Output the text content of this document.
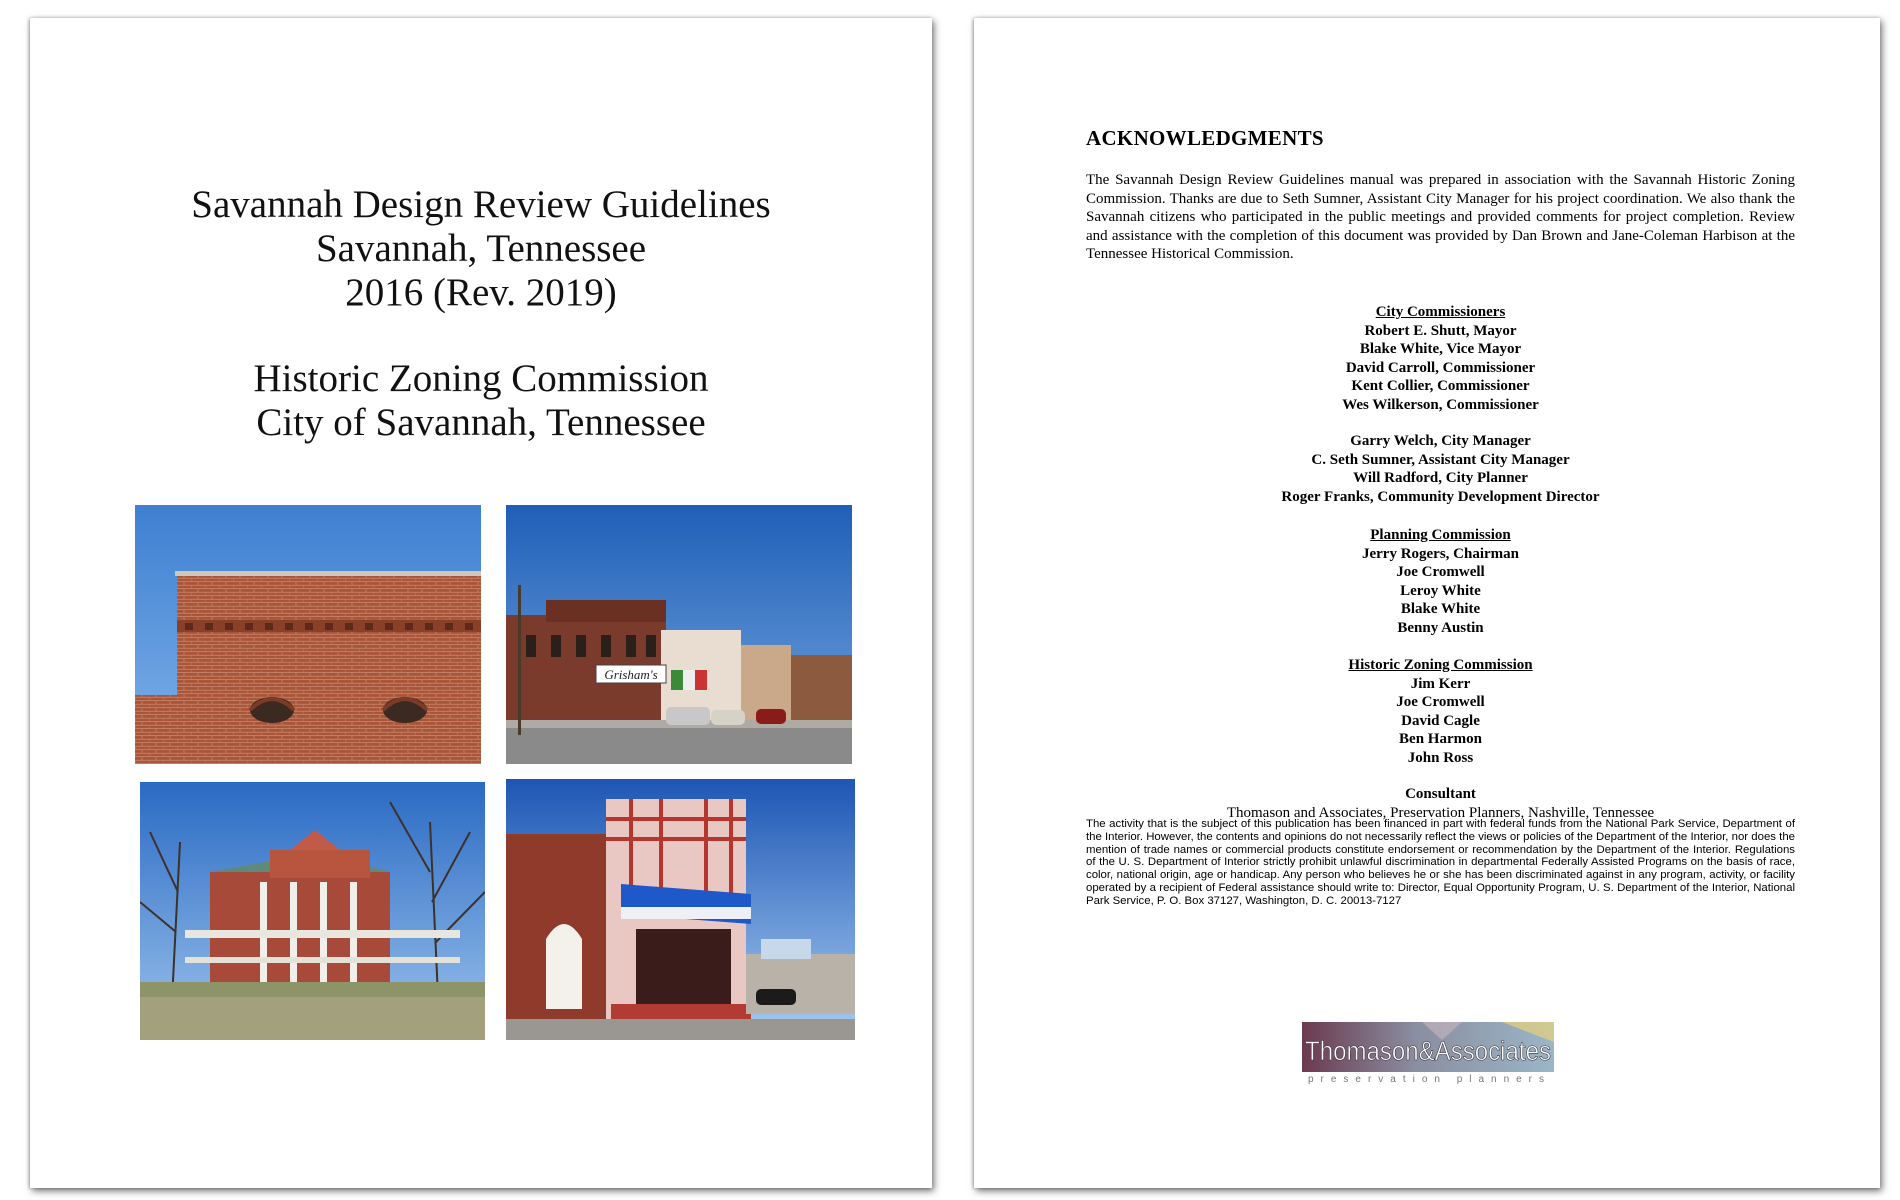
Savannah Design Review Guidelines
Savannah, Tennessee
2016 (Rev. 2019)
Historic Zoning Commission
City of Savannah, Tennessee
Grisham's
ACKNOWLEDGMENTS
The Savannah Design Review Guidelines manual was prepared in association with the Savannah Historic Zoning Commission. Thanks are due to Seth Sumner, Assistant City Manager for his project coordination. We also thank the Savannah citizens who participated in the public meetings and provided comments for project completion. Review and assistance with the completion of this document was provided by Dan Brown and Jane-Coleman Harbison at the Tennessee Historical Commission.
City Commissioners
Robert E. Shutt, Mayor
Blake White, Vice Mayor
David Carroll, Commissioner
Kent Collier, Commissioner
Wes Wilkerson, Commissioner
Garry Welch, City Manager
C. Seth Sumner, Assistant City Manager
Will Radford, City Planner
Roger Franks, Community Development Director
Planning Commission
Jerry Rogers, Chairman
Joe Cromwell
Leroy White
Blake White
Benny Austin
Historic Zoning Commission
Jim Kerr
Joe Cromwell
David Cagle
Ben Harmon
John Ross
Consultant
Thomason and Associates, Preservation Planners, Nashville, Tennessee
The activity that is the subject of this publication has been financed in part with federal funds from the National Park Service, Department of the Interior. However, the contents and opinions do not necessarily reflect the views or policies of the Department of the Interior, nor does the mention of trade names or commercial products constitute endorsement or recommendation by the Department of the Interior. Regulations of the U. S. Department of Interior strictly prohibit unlawful discrimination in departmental Federally Assisted Programs on the basis of race, color, national origin, age or handicap. Any person who believes he or she has been discriminated against in any program, activity, or facility operated by a recipient of Federal assistance should write to: Director, Equal Opportunity Program, U. S. Department of the Interior, National Park Service, P. O. Box 37127, Washington, D. C. 20013-7127
Thomason&Associates
preservation planners
